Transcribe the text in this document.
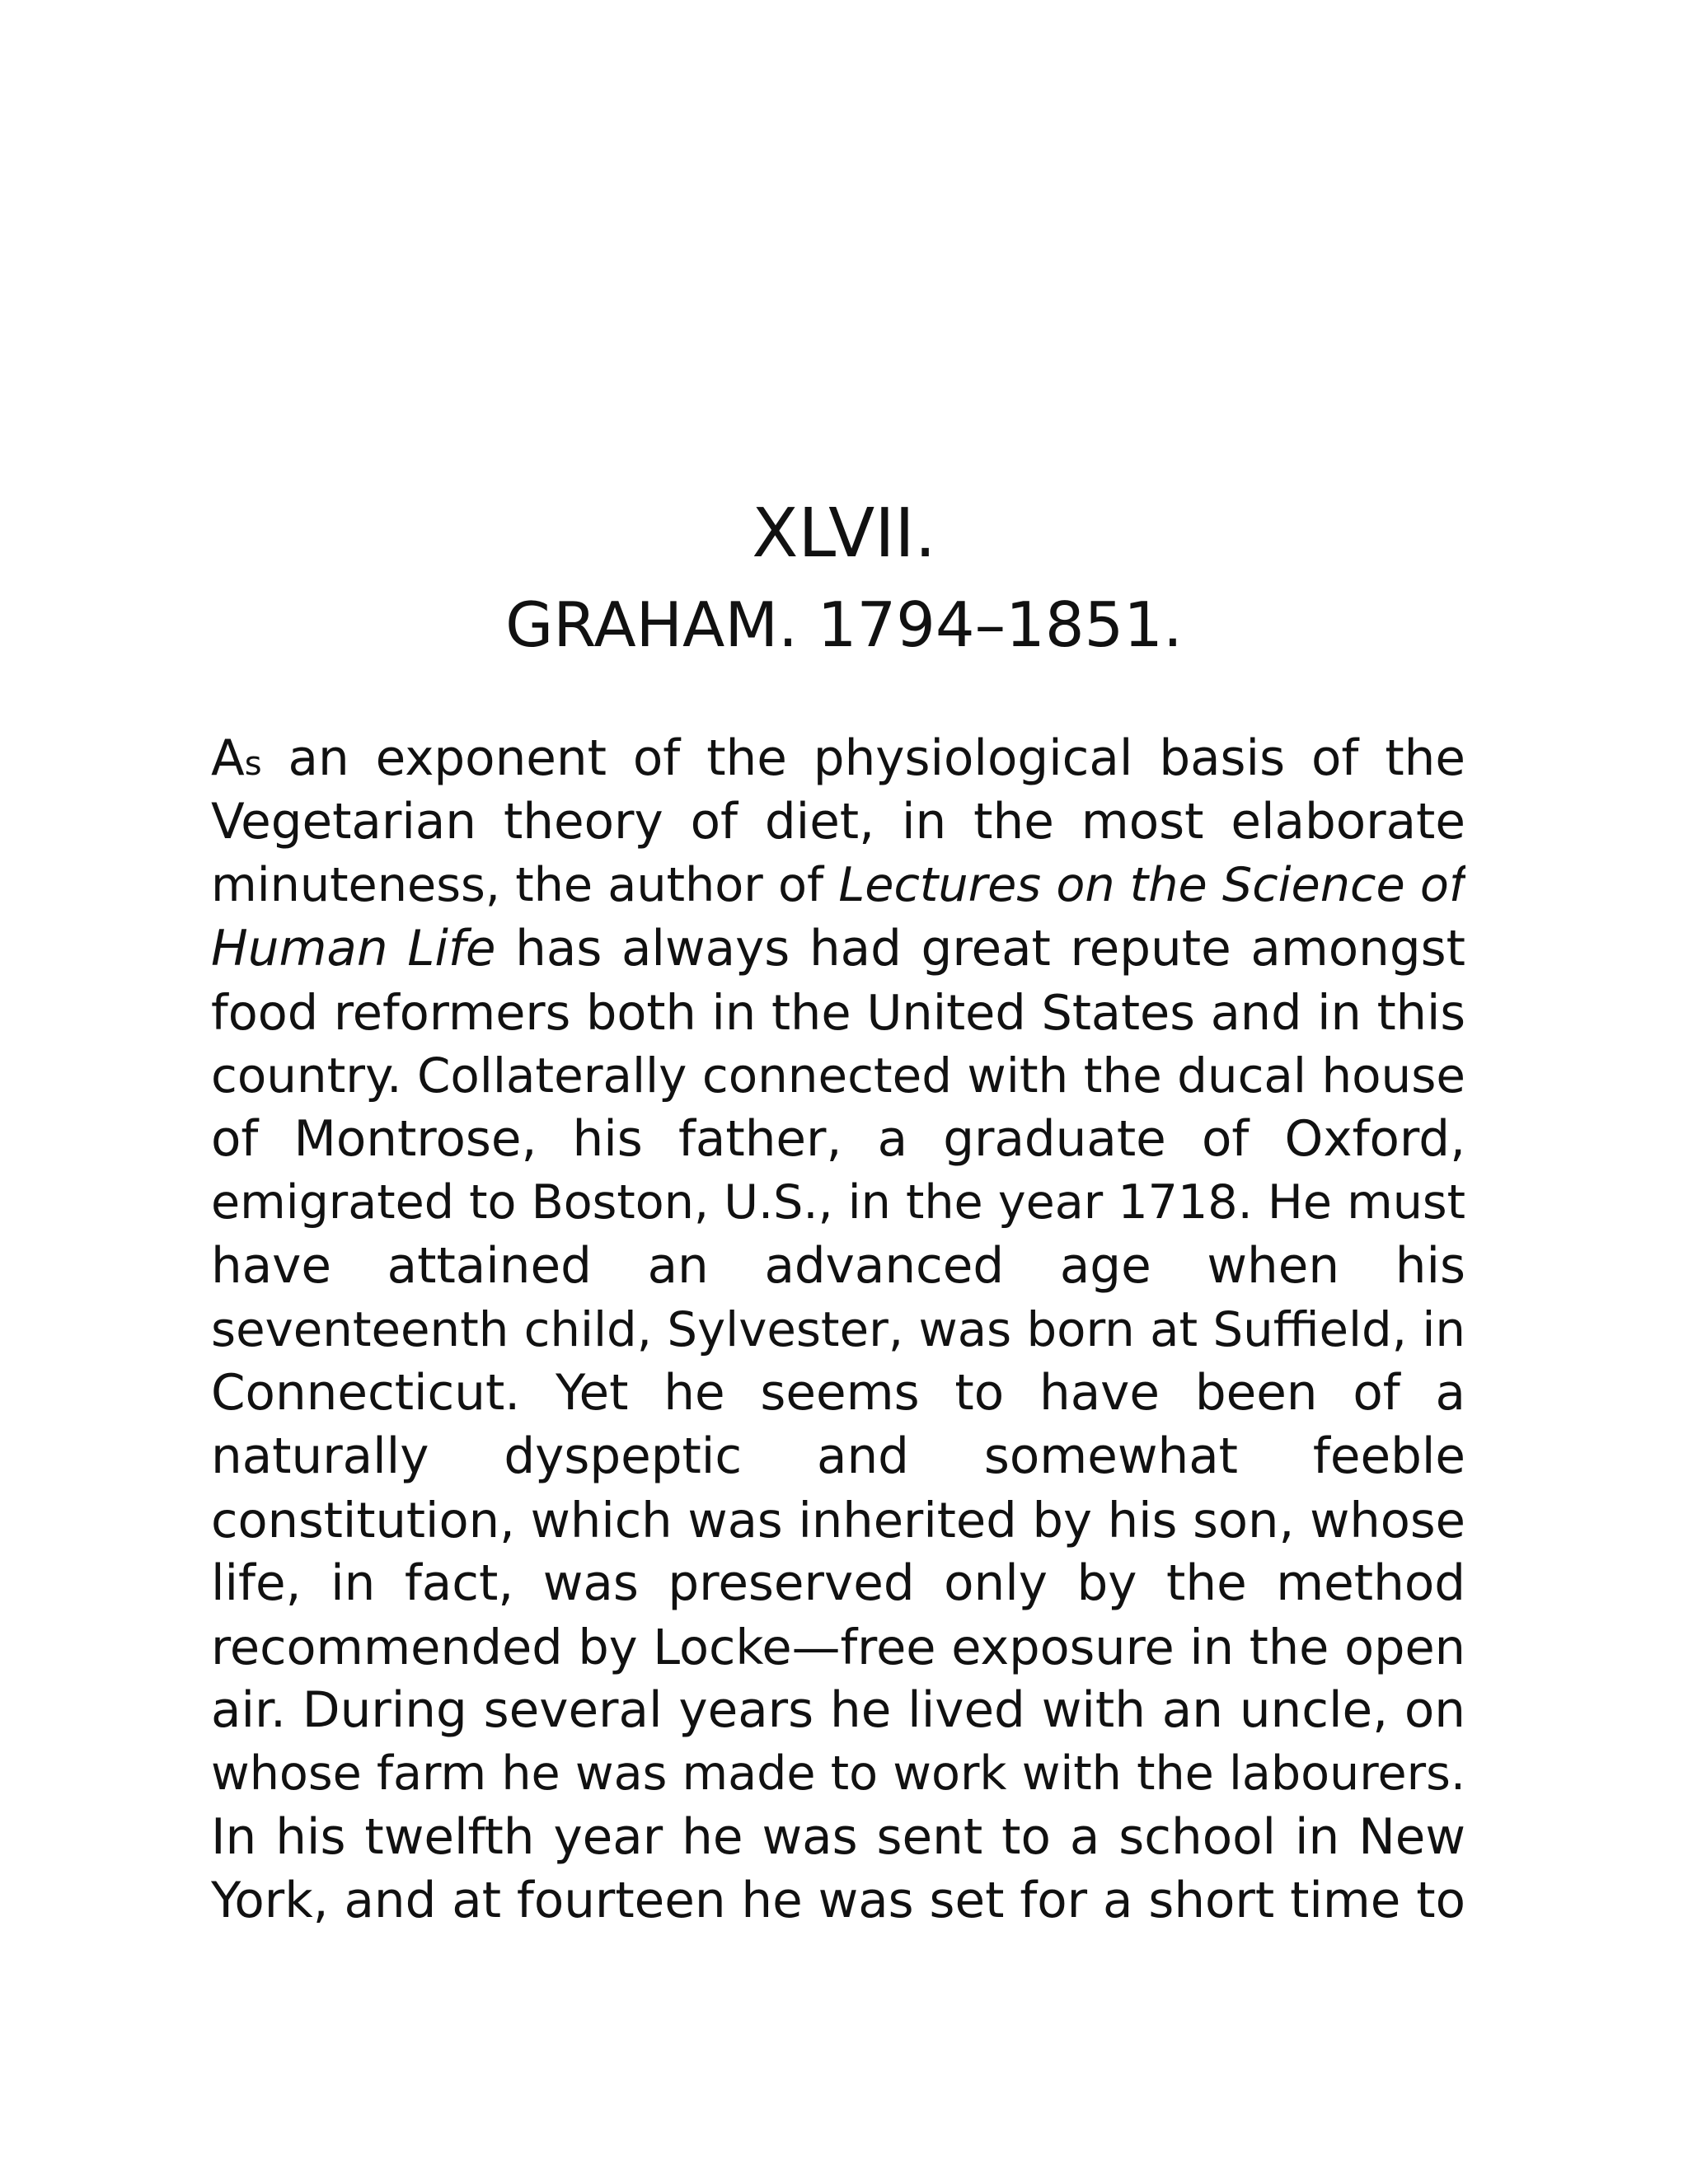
XLVII.
GRAHAM. 1794–1851.
As an exponent of the physiological basis of the
Vegetarian theory of diet, in the most elaborate
minuteness, the author of Lectures on the Science of
Human Life has always had great repute amongst
food reformers both in the United States and in this
country. Collaterally connected with the ducal house
of Montrose, his father, a graduate of Oxford,
emigrated to Boston, U.S., in the year 1718. He must
have attained an advanced age when his
seventeenth child, Sylvester, was born at Suffield, in
Connecticut. Yet he seems to have been of a
naturally dyspeptic and somewhat feeble
constitution, which was inherited by his son, whose
life, in fact, was preserved only by the method
recommended by Locke—free exposure in the open
air. During several years he lived with an uncle, on
whose farm he was made to work with the labourers.
In his twelfth year he was sent to a school in New
York, and at fourteen he was set for a short time to
